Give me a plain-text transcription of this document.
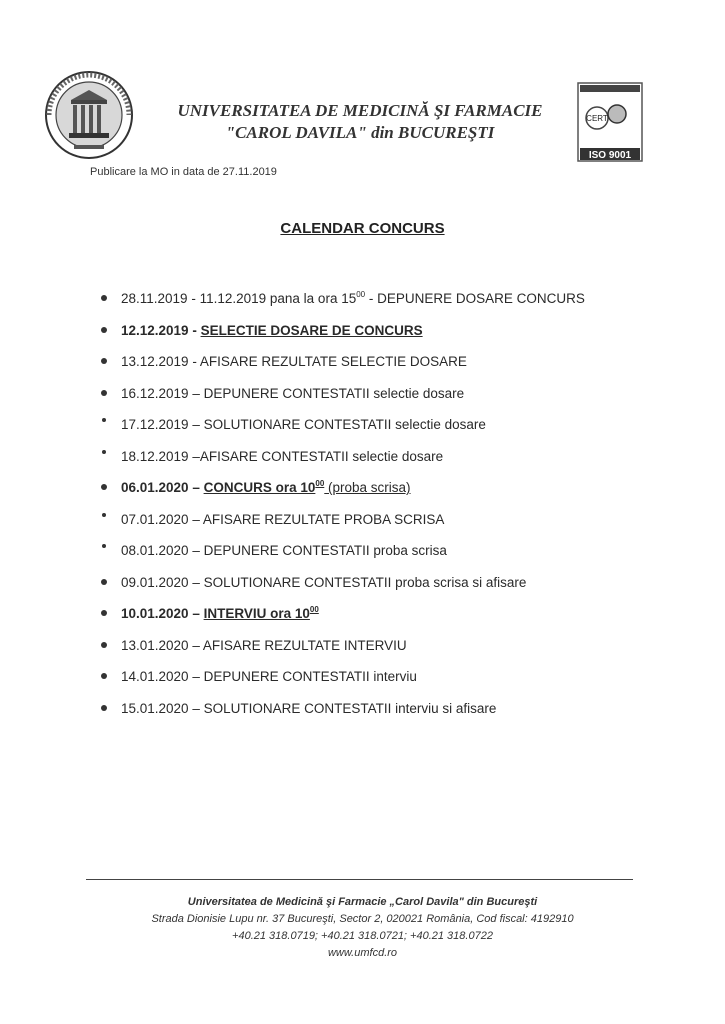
UNIVERSITATEA DE MEDICINĂ ŞI FARMACIE
"CAROL DAVILA" din BUCUREŞTI
CERT
ISO 9001
Publicare la MO in data de 27.11.2019
CALENDAR CONCURS
28.11.2019 - 11.12.2019 pana la ora $15^{00}$ - DEPUNERE DOSARE CONCURS
12.12.2019 - SELECTIE DOSARE DE CONCURS
13.12.2019 - AFISARE REZULTATE SELECTIE DOSARE
16.12.2019 – DEPUNERE CONTESTATII selectie dosare
17.12.2019 – SOLUTIONARE CONTESTATII selectie dosare
18.12.2019 –AFISARE CONTESTATII selectie dosare
06.01.2020 – CONCURS ora $10^{00}$ (proba scrisa)
07.01.2020 – AFISARE REZULTATE PROBA SCRISA
08.01.2020 – DEPUNERE CONTESTATII proba scrisa
09.01.2020 – SOLUTIONARE CONTESTATII proba scrisa si afisare
10.01.2020 – INTERVIU ora $10^{00}$
13.01.2020 – AFISARE REZULTATE INTERVIU
14.01.2020 – DEPUNERE CONTESTATII interviu
15.01.2020 – SOLUTIONARE CONTESTATII interviu si afisare
Universitatea de Medicină şi Farmacie „Carol Davila" din Bucureşti
Strada Dionisie Lupu nr. 37 Bucureşti, Sector 2, 020021 România, Cod fiscal: 4192910
+40.21 318.0719; +40.21 318.0721; +40.21 318.0722
www.umfcd.ro
